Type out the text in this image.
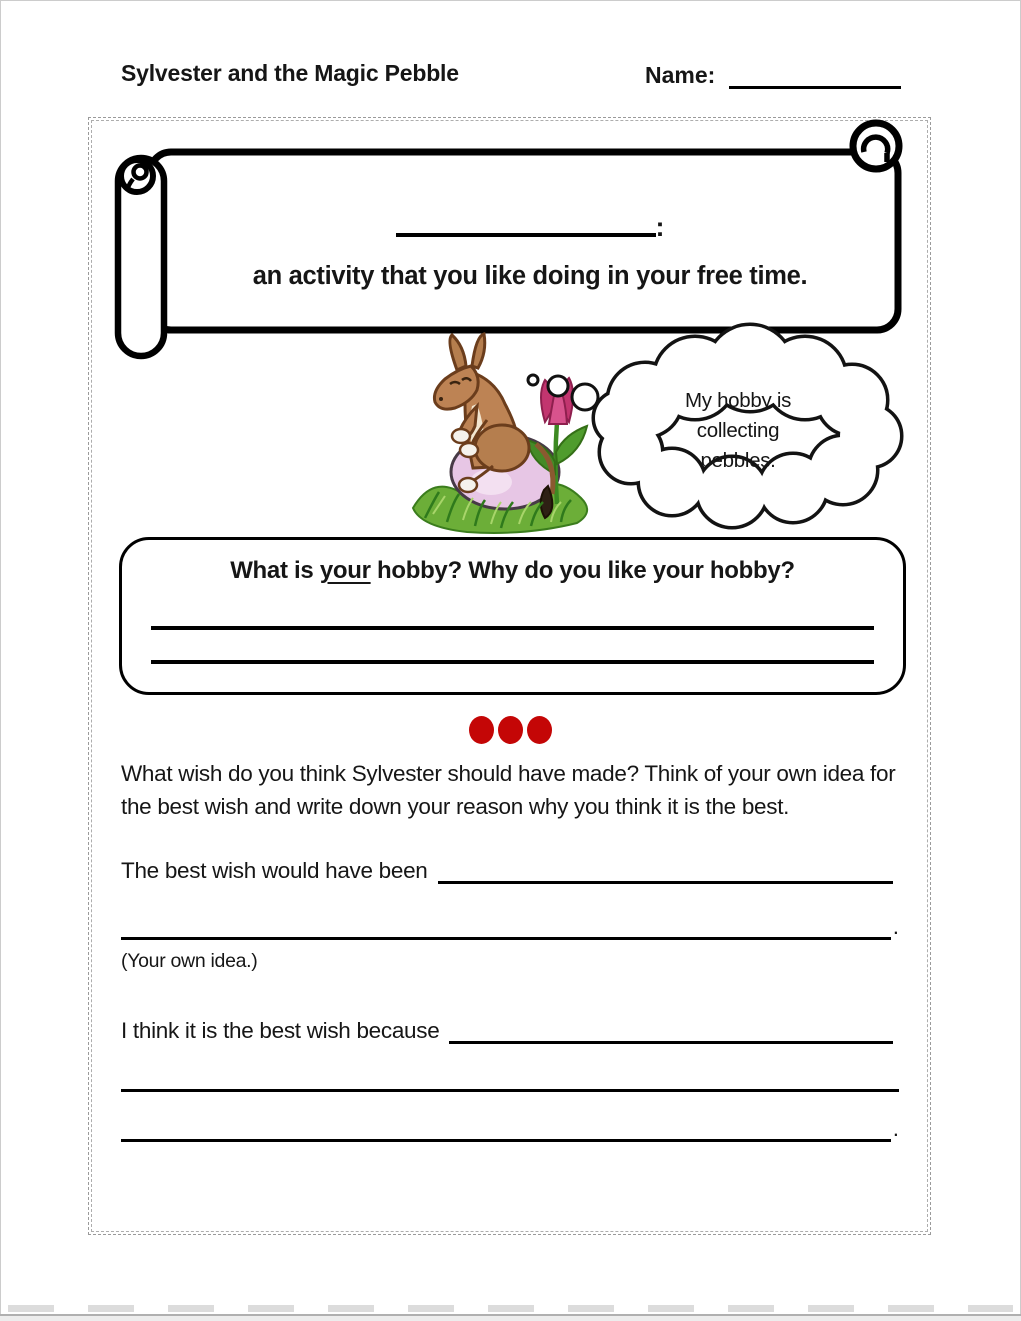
Sylvester and the Magic Pebble	Name:
:
an activity that you like doing in your free time.
My hobby is
collecting
pebbles.
What is your hobby? Why do you like your hobby?
What wish do you think Sylvester should have made? Think of your own idea for the best wish and write down your reason why you think it is the best.
The best wish would have been
.
(Your own idea.)
I think it is the best wish because
.
